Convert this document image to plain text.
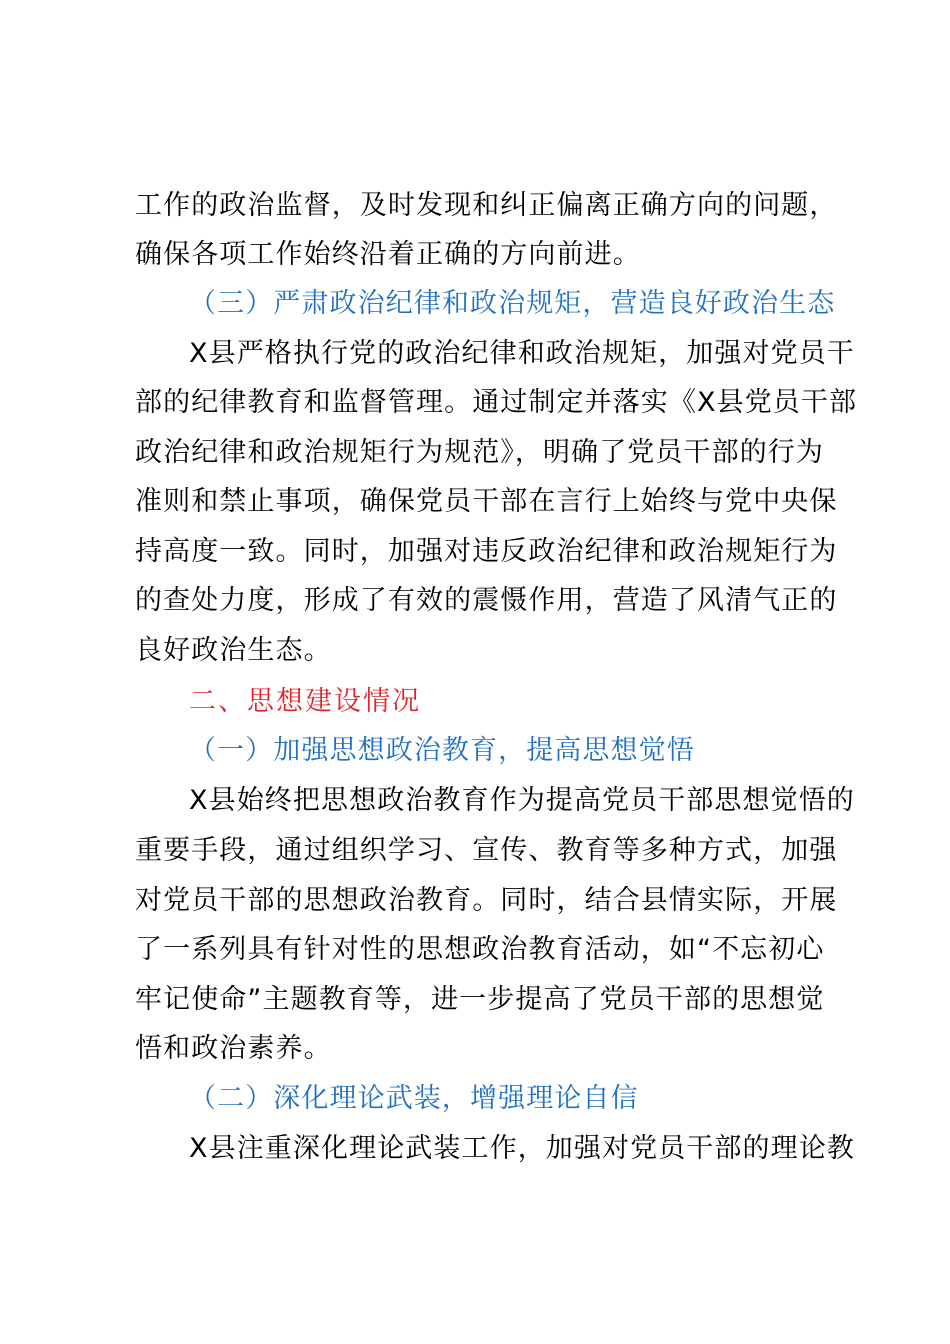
工作的政治监督，及时发现和纠正偏离正确方向的问题，
确保各项工作始终沿着正确的方向前进。
（三）严肃政治纪律和政治规矩，营造良好政治生态
X县严格执行党的政治纪律和政治规矩，加强对党员干
部的纪律教育和监督管理。通过制定并落实《X县党员干部
政治纪律和政治规矩行为规范》，明确了党员干部的行为
准则和禁止事项，确保党员干部在言行上始终与党中央保
持高度一致。同时，加强对违反政治纪律和政治规矩行为
的查处力度，形成了有效的震慑作用，营造了风清气正的
良好政治生态。
二、思想建设情况
（一）加强思想政治教育，提高思想觉悟
X县始终把思想政治教育作为提高党员干部思想觉悟的
重要手段，通过组织学习、宣传、教育等多种方式，加强
对党员干部的思想政治教育。同时，结合县情实际，开展
了一系列具有针对性的思想政治教育活动，如“不忘初心
牢记使命”主题教育等，进一步提高了党员干部的思想觉
悟和政治素养。
（二）深化理论武装，增强理论自信
X县注重深化理论武装工作，加强对党员干部的理论教
